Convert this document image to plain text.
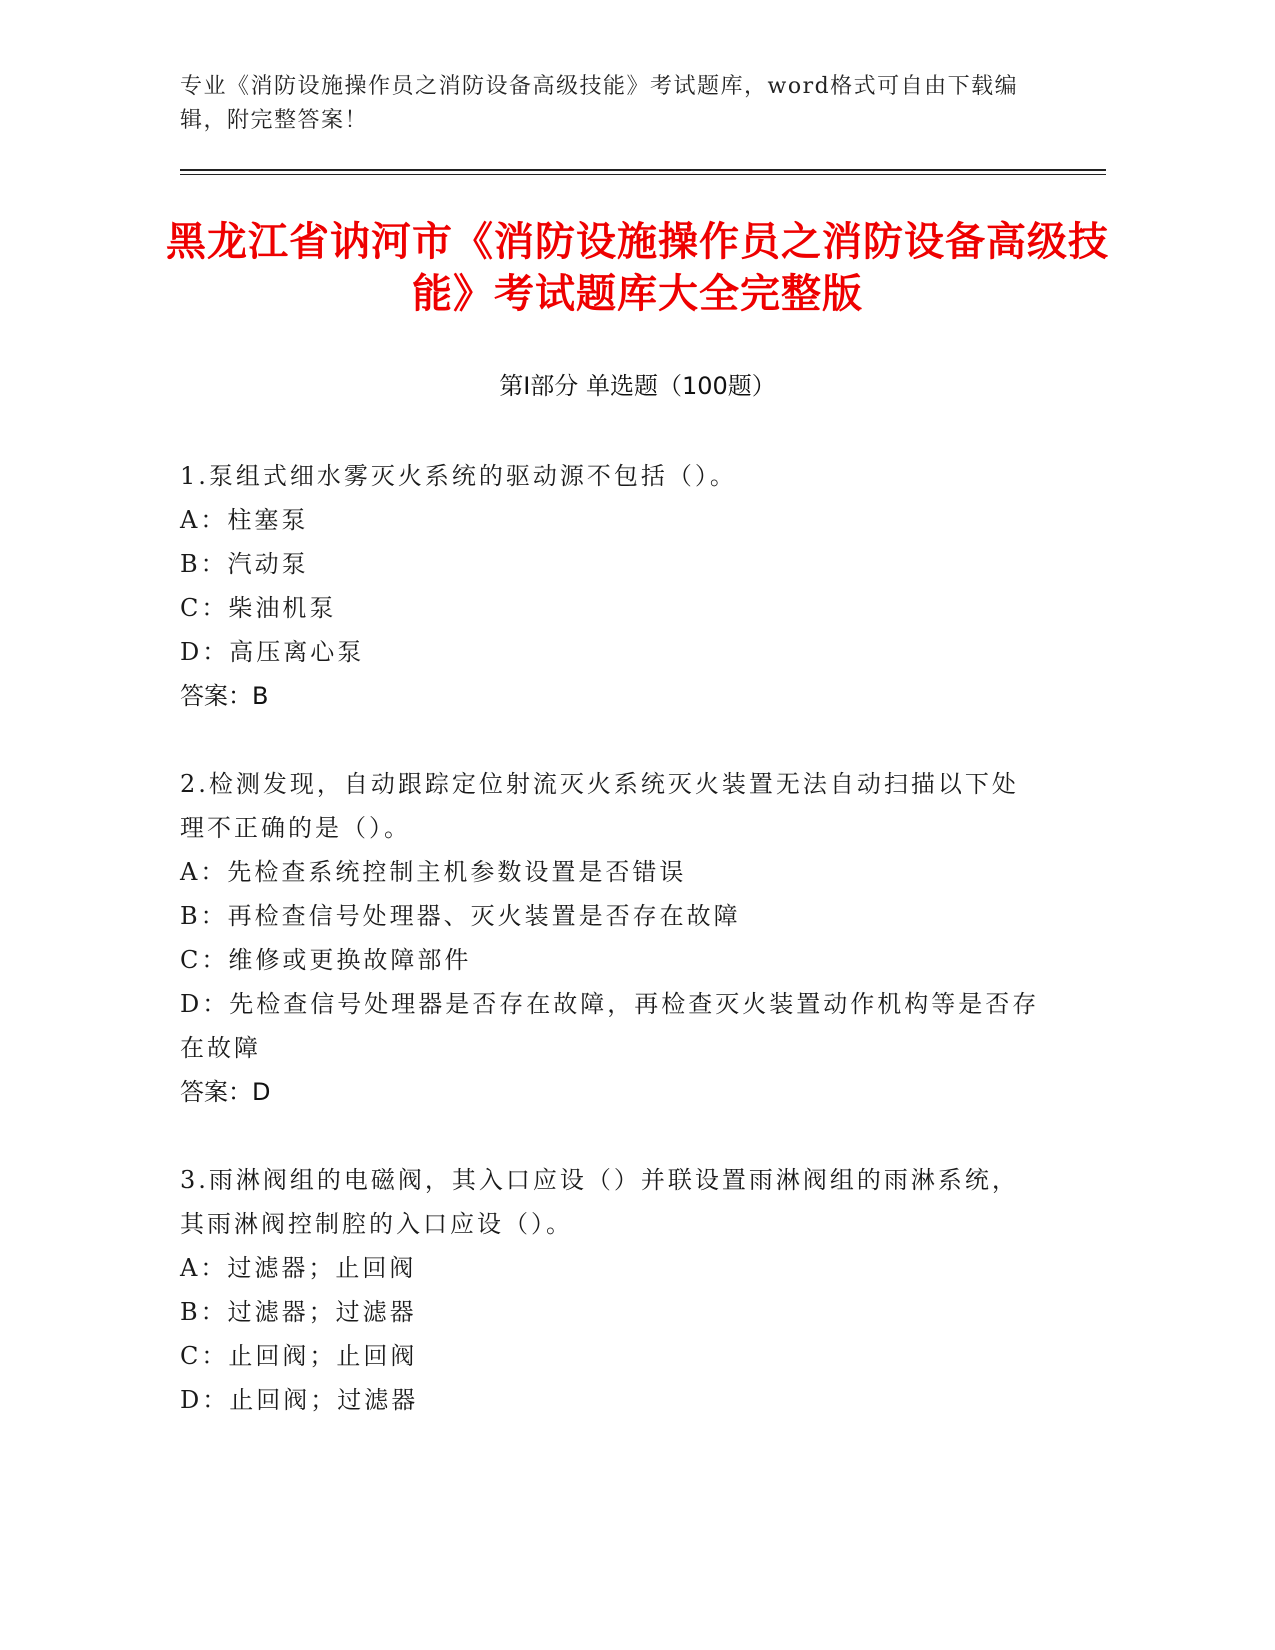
专业《消防设施操作员之消防设备高级技能》考试题库，word格式可自由下载编辑，附完整答案！
黑龙江省讷河市《消防设施操作员之消防设备高级技能》考试题库大全完整版
第Ⅰ部分 单选题（100题）
1.泵组式细水雾灭火系统的驱动源不包括（）。
A：柱塞泵
B：汽动泵
C：柴油机泵
D：高压离心泵
答案：B
2.检测发现，自动跟踪定位射流灭火系统灭火装置无法自动扫描以下处理不正确的是（）。
A：先检查系统控制主机参数设置是否错误
B：再检查信号处理器、灭火装置是否存在故障
C：维修或更换故障部件
D：先检查信号处理器是否存在故障，再检查灭火装置动作机构等是否存在故障
答案：D
3.雨淋阀组的电磁阀，其入口应设（）并联设置雨淋阀组的雨淋系统，其雨淋阀控制腔的入口应设（）。
A：过滤器；止回阀
B：过滤器；过滤器
C：止回阀；止回阀
D：止回阀；过滤器
